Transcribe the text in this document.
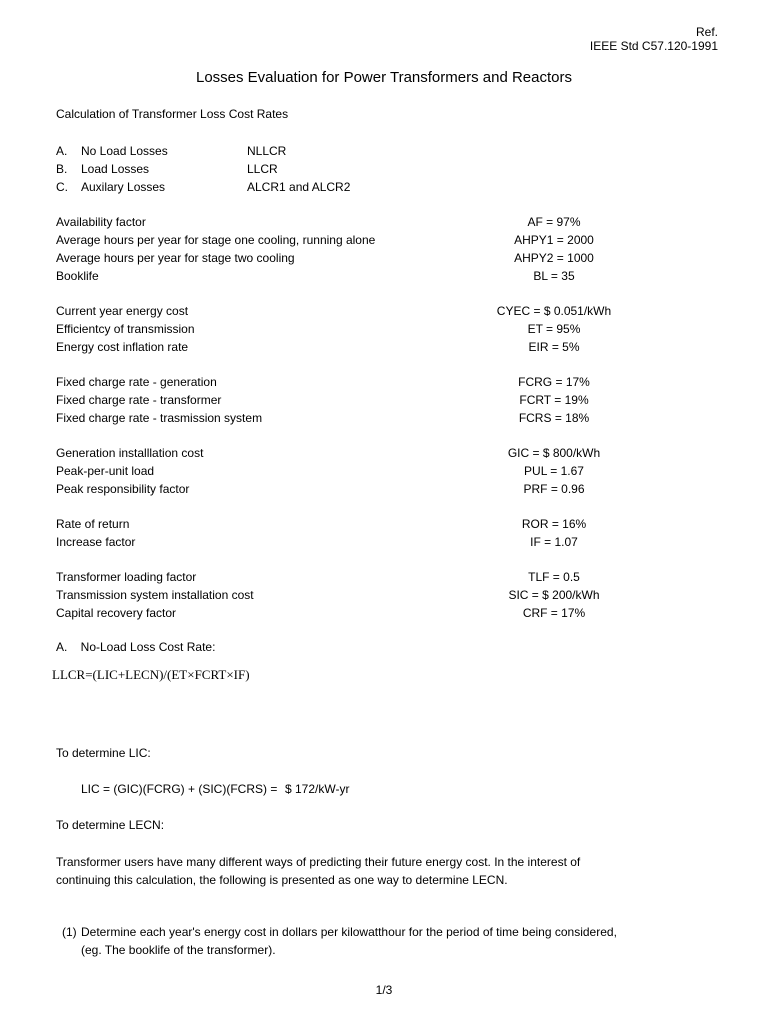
Ref.
IEEE Std C57.120-1991
Losses Evaluation for Power Transformers and Reactors
Calculation of Transformer Loss Cost Rates
A. No Load Losses	NLLCR
B. Load Losses	LLCR
C. Auxilary Losses	ALCR1 and ALCR2
Availability factor	AF = 97%
Average hours per year for stage one cooling, running alone	AHPY1 = 2000
Average hours per year for stage two cooling	AHPY2 = 1000
Booklife	BL = 35
Current year energy cost	CYEC = $ 0.051/kWh
Efficientcy of transmission	ET = 95%
Energy cost inflation rate	EIR = 5%
Fixed charge rate - generation	FCRG = 17%
Fixed charge rate - transformer	FCRT = 19%
Fixed charge rate - trasmission system	FCRS = 18%
Generation installlation cost	GIC = $ 800/kWh
Peak-per-unit load	PUL = 1.67
Peak responsibility factor	PRF = 0.96
Rate of return	ROR = 16%
Increase factor	IF = 1.07
Transformer loading factor	TLF = 0.5
Transmission system installation cost	SIC = $ 200/kWh
Capital recovery factor	CRF = 17%
A.    No-Load Loss Cost Rate:
LLCR=(LIC+LECN)/(ET×FCRT×IF)
To determine LIC:
LIC = (GIC)(FCRG) + (SIC)(FCRS) = $ 172/kW-yr
To determine LECN:
Transformer users have many different ways of predicting their future energy cost. In the interest of continuing this calculation, the following is presented as one way to determine LECN.
(1) Determine each year's energy cost in dollars per kilowatthour for the period of time being considered, (eg. The booklife of the transformer).
1/3
